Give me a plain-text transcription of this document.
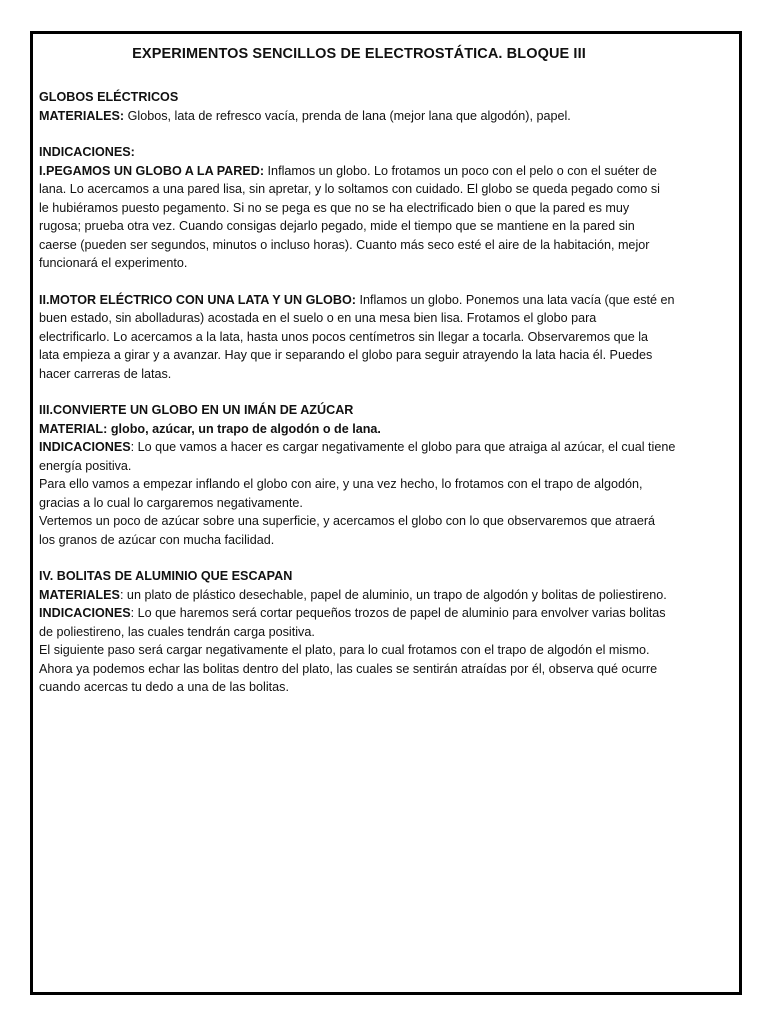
EXPERIMENTOS SENCILLOS DE ELECTROSTÁTICA. BLOQUE III

GLOBOS ELÉCTRICOS

MATERIALES: Globos, lata de refresco vacía, prenda de lana (mejor lana que algodón), papel.

INDICACIONES:

I.PEGAMOS UN GLOBO A LA PARED: Inflamos un globo. Lo frotamos un poco con el pelo o con el suéter de

lana. Lo acercamos a una pared lisa, sin apretar, y lo soltamos con cuidado. El globo se queda pegado como si

le hubiéramos puesto pegamento. Si no se pega es que no se ha electrificado bien o que la pared es muy

rugosa; prueba otra vez. Cuando consigas dejarlo pegado, mide el tiempo que se mantiene en la pared sin

caerse (pueden ser segundos, minutos o incluso horas). Cuanto más seco esté el aire de la habitación, mejor

funcionará el experimento.

II.MOTOR ELÉCTRICO CON UNA LATA Y UN GLOBO: Inflamos un globo. Ponemos una lata vacía (que esté en

buen estado, sin abolladuras) acostada en el suelo o en una mesa bien lisa. Frotamos el globo para

electrificarlo. Lo acercamos a la lata, hasta unos pocos centímetros sin llegar a tocarla. Observaremos que la

lata empieza a girar y a avanzar. Hay que ir separando el globo para seguir atrayendo la lata hacia él. Puedes

hacer carreras de latas.

III.CONVIERTE UN GLOBO EN UN IMÁN DE AZÚCAR

MATERIAL: globo, azúcar, un trapo de algodón o de lana.

INDICACIONES: Lo que vamos a hacer es cargar negativamente el globo para que atraiga al azúcar, el cual tiene

energía positiva.

Para ello vamos a empezar inflando el globo con aire, y una vez hecho, lo frotamos con el trapo de algodón,

gracias a lo cual lo cargaremos negativamente.

Vertemos un poco de azúcar sobre una superficie, y acercamos el globo con lo que observaremos que atraerá

los granos de azúcar con mucha facilidad.

IV. BOLITAS DE ALUMINIO QUE ESCAPAN

MATERIALES: un plato de plástico desechable, papel de aluminio, un trapo de algodón y bolitas de poliestireno.

INDICACIONES: Lo que haremos será cortar pequeños trozos de papel de aluminio para envolver varias bolitas

de poliestireno, las cuales tendrán carga positiva.

El siguiente paso será cargar negativamente el plato, para lo cual frotamos con el trapo de algodón el mismo.

Ahora ya podemos echar las bolitas dentro del plato, las cuales se sentirán atraídas por él, observa qué ocurre

cuando acercas tu dedo a una de las bolitas.
